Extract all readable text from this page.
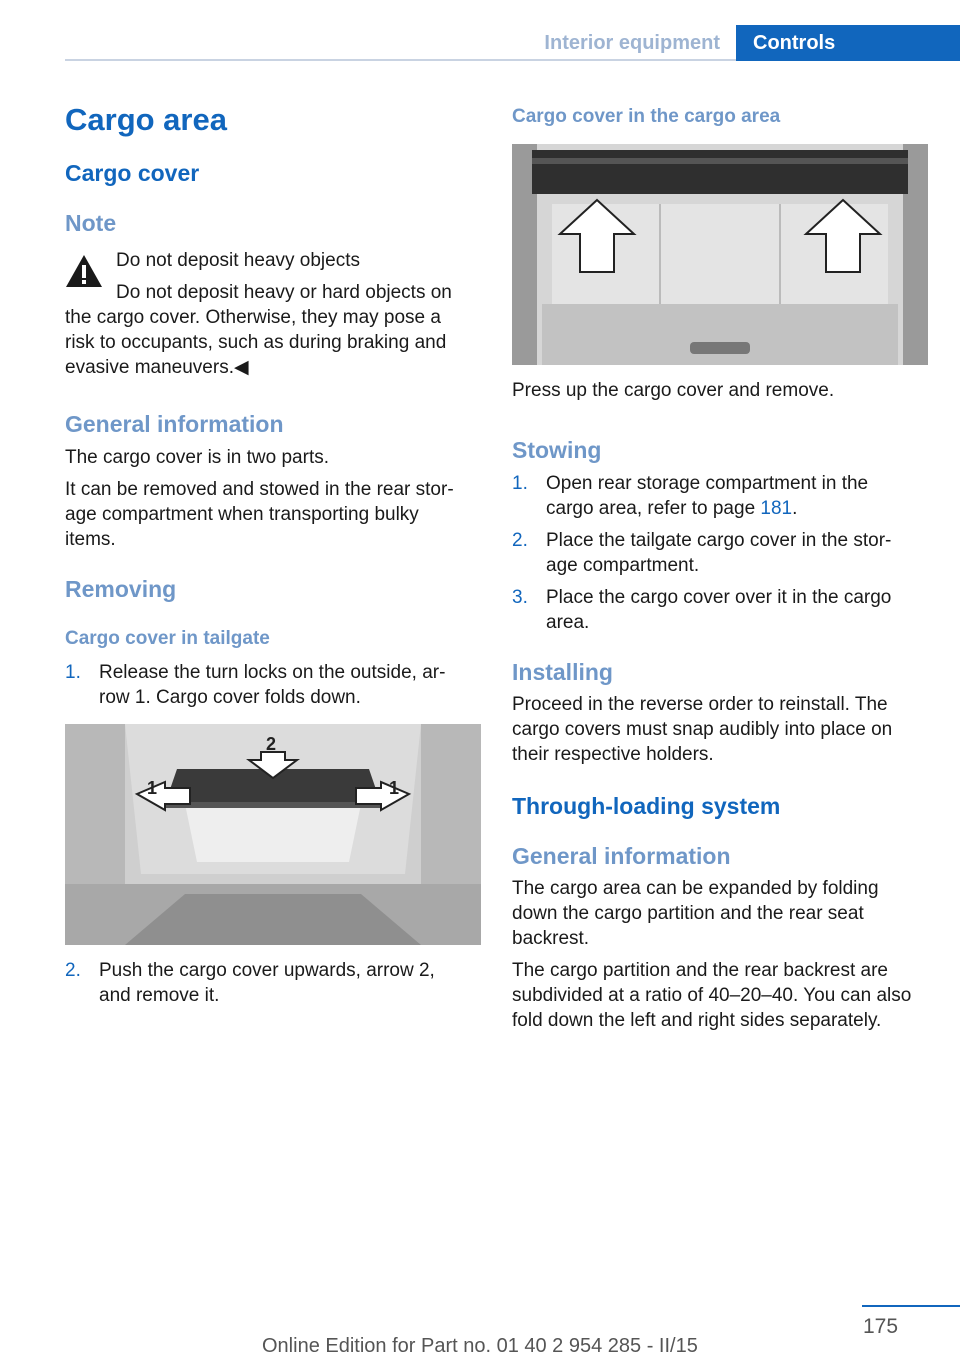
Interior equipment	Controls
Cargo area
Cargo cover
Note
Do not deposit heavy objects
Do not deposit heavy or hard objects on
the cargo cover. Otherwise, they may pose a
risk to occupants, such as during braking and
evasive maneuvers.◀
General information
The cargo cover is in two parts.
It can be removed and stowed in the rear stor‐
age compartment when transporting bulky
items.
Removing
Cargo cover in tailgate
1. Release the turn locks on the outside, ar‐
row 1. Cargo cover folds down.
1	1
2
2. Push the cargo cover upwards, arrow 2,
and remove it.
Cargo cover in the cargo area
Press up the cargo cover and remove.
Stowing
1. Open rear storage compartment in the
cargo area, refer to page 181.
2. Place the tailgate cargo cover in the stor‐
age compartment.
3. Place the cargo cover over it in the cargo
area.
Installing
Proceed in the reverse order to reinstall. The
cargo covers must snap audibly into place on
their respective holders.
Through-loading system
General information
The cargo area can be expanded by folding
down the cargo partition and the rear seat
backrest.
The cargo partition and the rear backrest are
subdivided at a ratio of 40–20–40. You can also
fold down the left and right sides separately.
175
Online Edition for Part no. 01 40 2 954 285 - II/15
